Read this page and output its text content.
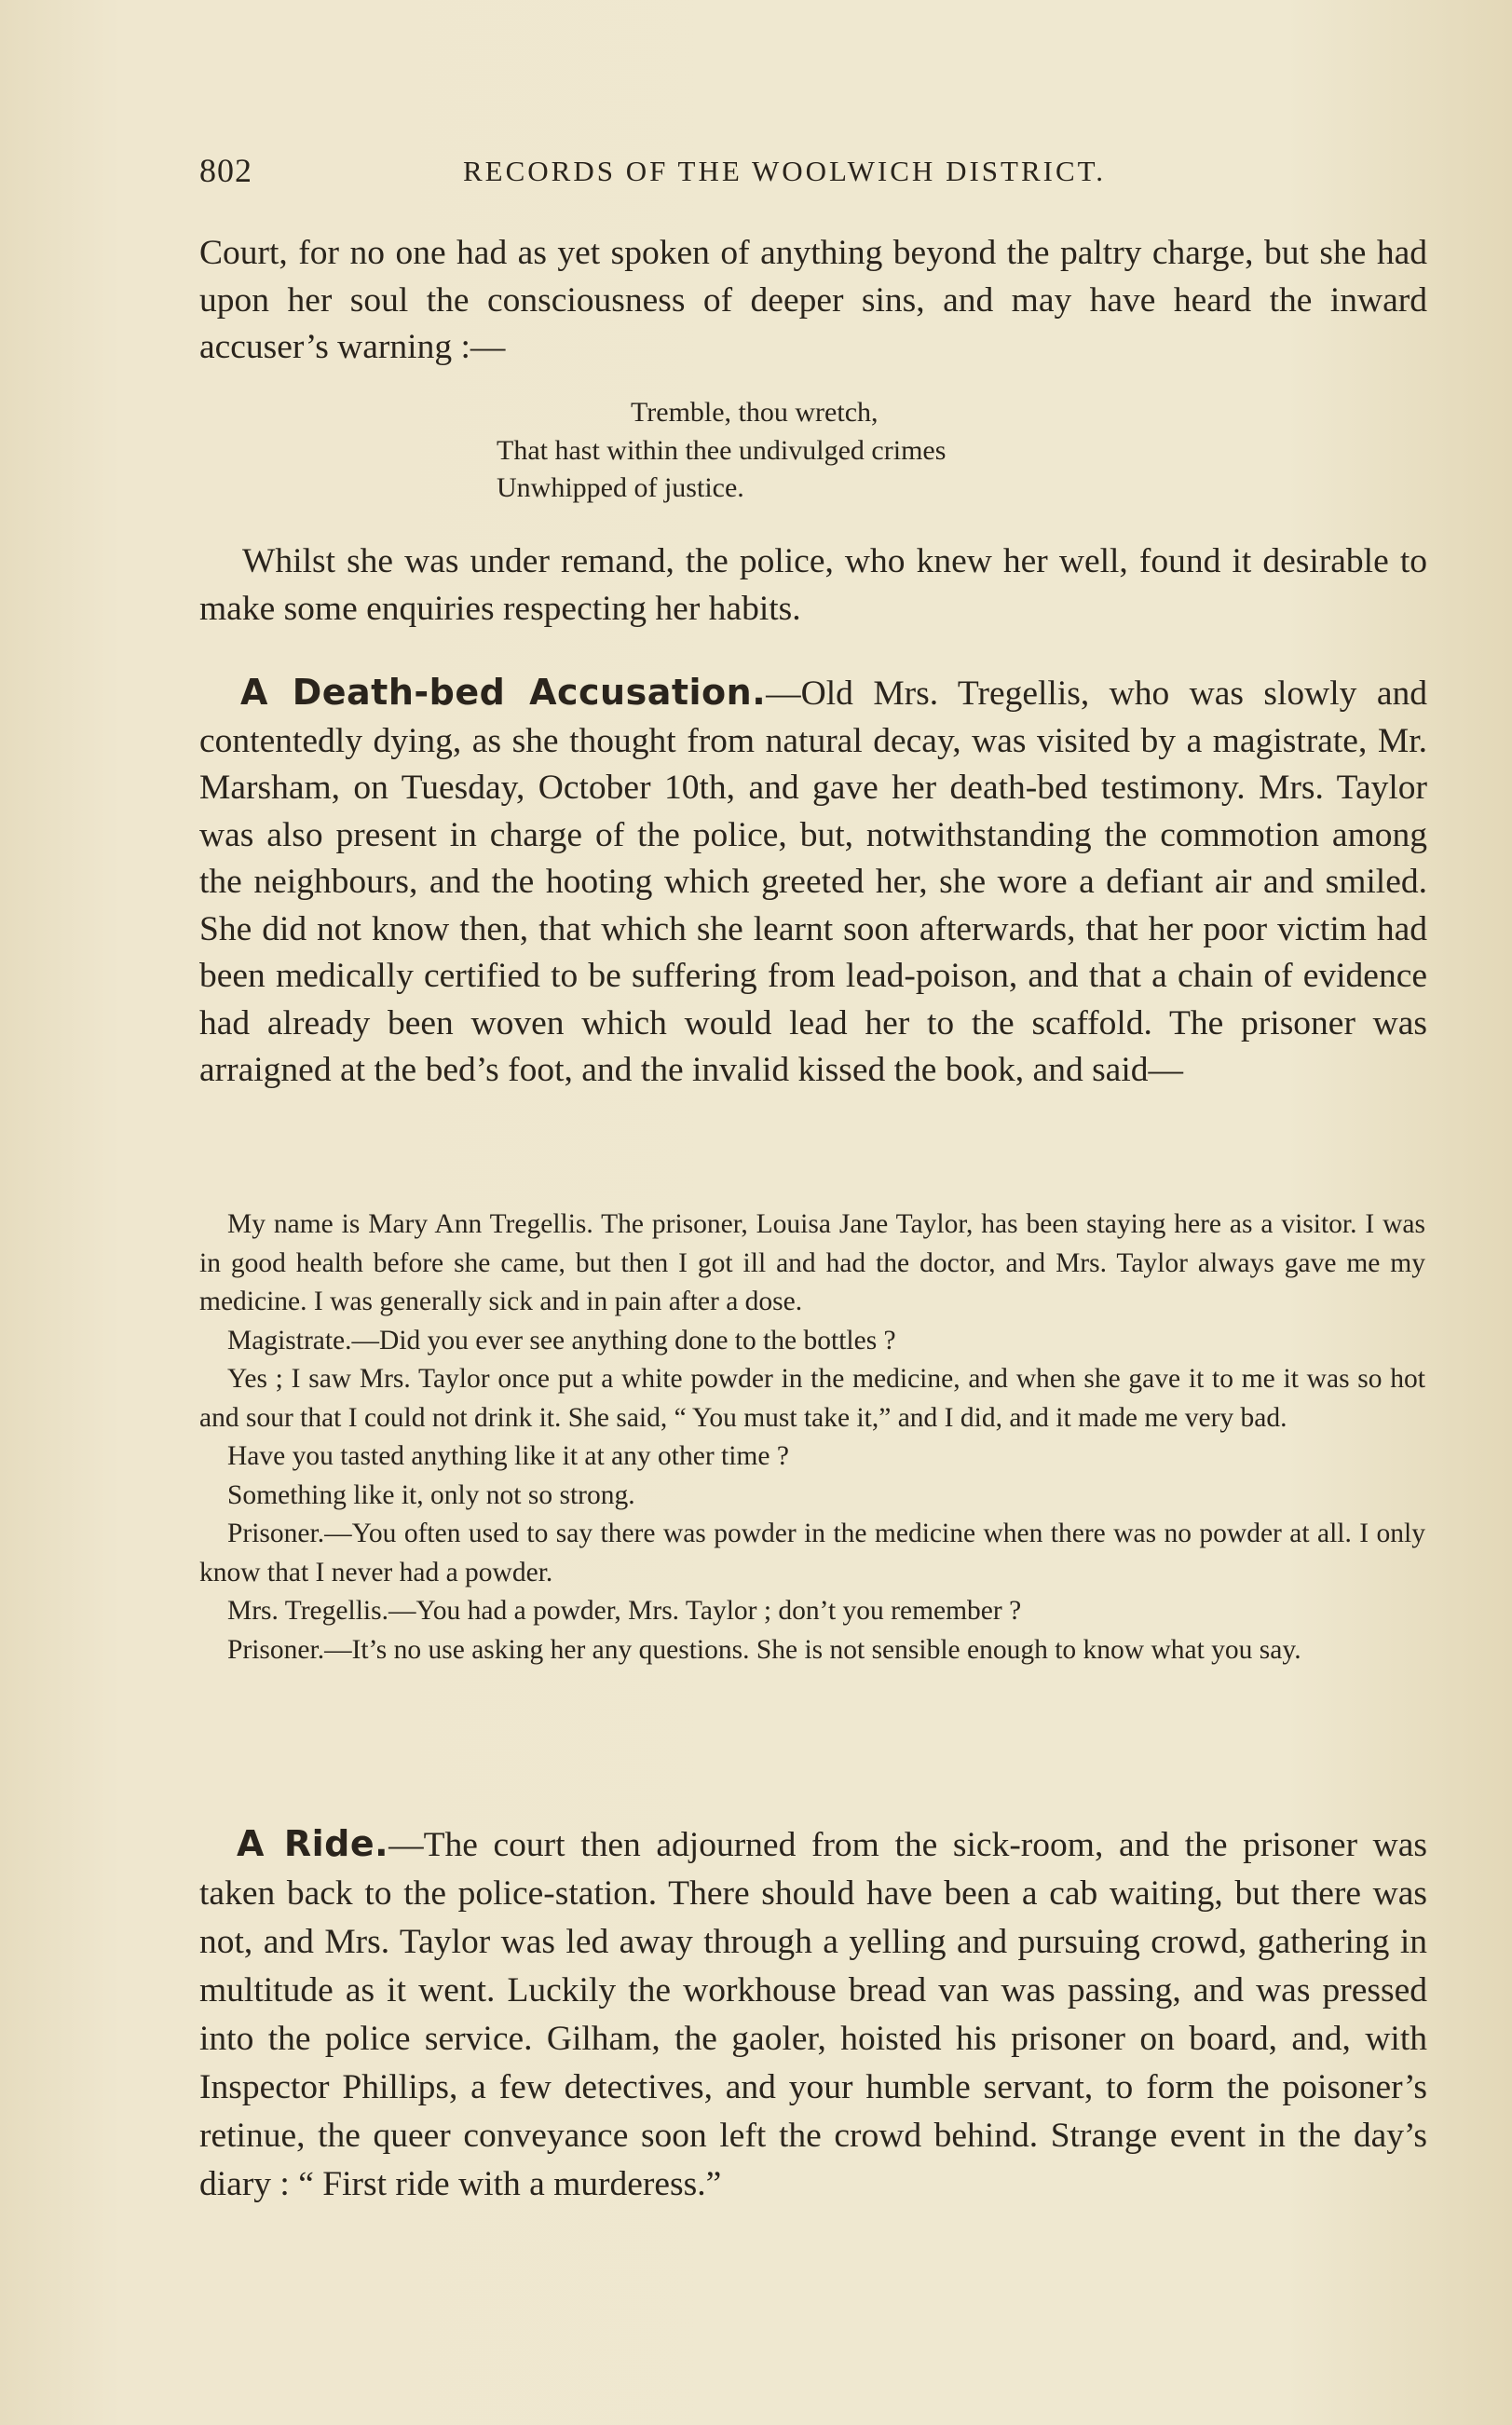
802	RECORDS OF THE WOOLWICH DISTRICT.

Court, for no one had as yet spoken of anything beyond the paltry charge, but she had upon her soul the consciousness of deeper sins, and may have heard the inward accuser’s warning :—

Tremble, thou wretch,
That hast within thee undivulged crimes
Unwhipped of justice.

Whilst she was under remand, the police, who knew her well, found it desirable to make some enquiries respecting her habits.

A Death-bed Accusation.—Old Mrs. Tregellis, who was slowly and contentedly dying, as she thought from natural decay, was visited by a magistrate, Mr. Marsham, on Tuesday, October 10th, and gave her death-bed testimony. Mrs. Taylor was also present in charge of the police, but, notwithstanding the commotion among the neighbours, and the hooting which greeted her, she wore a defiant air and smiled. She did not know then, that which she learnt soon afterwards, that her poor victim had been medically certified to be suffering from lead-poison, and that a chain of evidence had already been woven which would lead her to the scaffold. The prisoner was arraigned at the bed’s foot, and the invalid kissed the book, and said—

My name is Mary Ann Tregellis. The prisoner, Louisa Jane Taylor, has been staying here as a visitor. I was in good health before she came, but then I got ill and had the doctor, and Mrs. Taylor always gave me my medicine. I was generally sick and in pain after a dose.

Magistrate.—Did you ever see anything done to the bottles ?

Yes ; I saw Mrs. Taylor once put a white powder in the medicine, and when she gave it to me it was so hot and sour that I could not drink it. She said, “ You must take it,” and I did, and it made me very bad.

Have you tasted anything like it at any other time ?

Something like it, only not so strong.

Prisoner.—You often used to say there was powder in the medicine when there was no powder at all. I only know that I never had a powder.

Mrs. Tregellis.—You had a powder, Mrs. Taylor ; don’t you remember ?

Prisoner.—It’s no use asking her any questions. She is not sensible enough to know what you say.

A Ride.—The court then adjourned from the sick-room, and the prisoner was taken back to the police-station. There should have been a cab waiting, but there was not, and Mrs. Taylor was led away through a yelling and pursuing crowd, gathering in multitude as it went. Luckily the workhouse bread van was passing, and was pressed into the police service. Gilham, the gaoler, hoisted his prisoner on board, and, with Inspector Phillips, a few detectives, and your humble servant, to form the poisoner’s retinue, the queer conveyance soon left the crowd behind. Strange event in the day’s diary : “ First ride with a murderess.”
